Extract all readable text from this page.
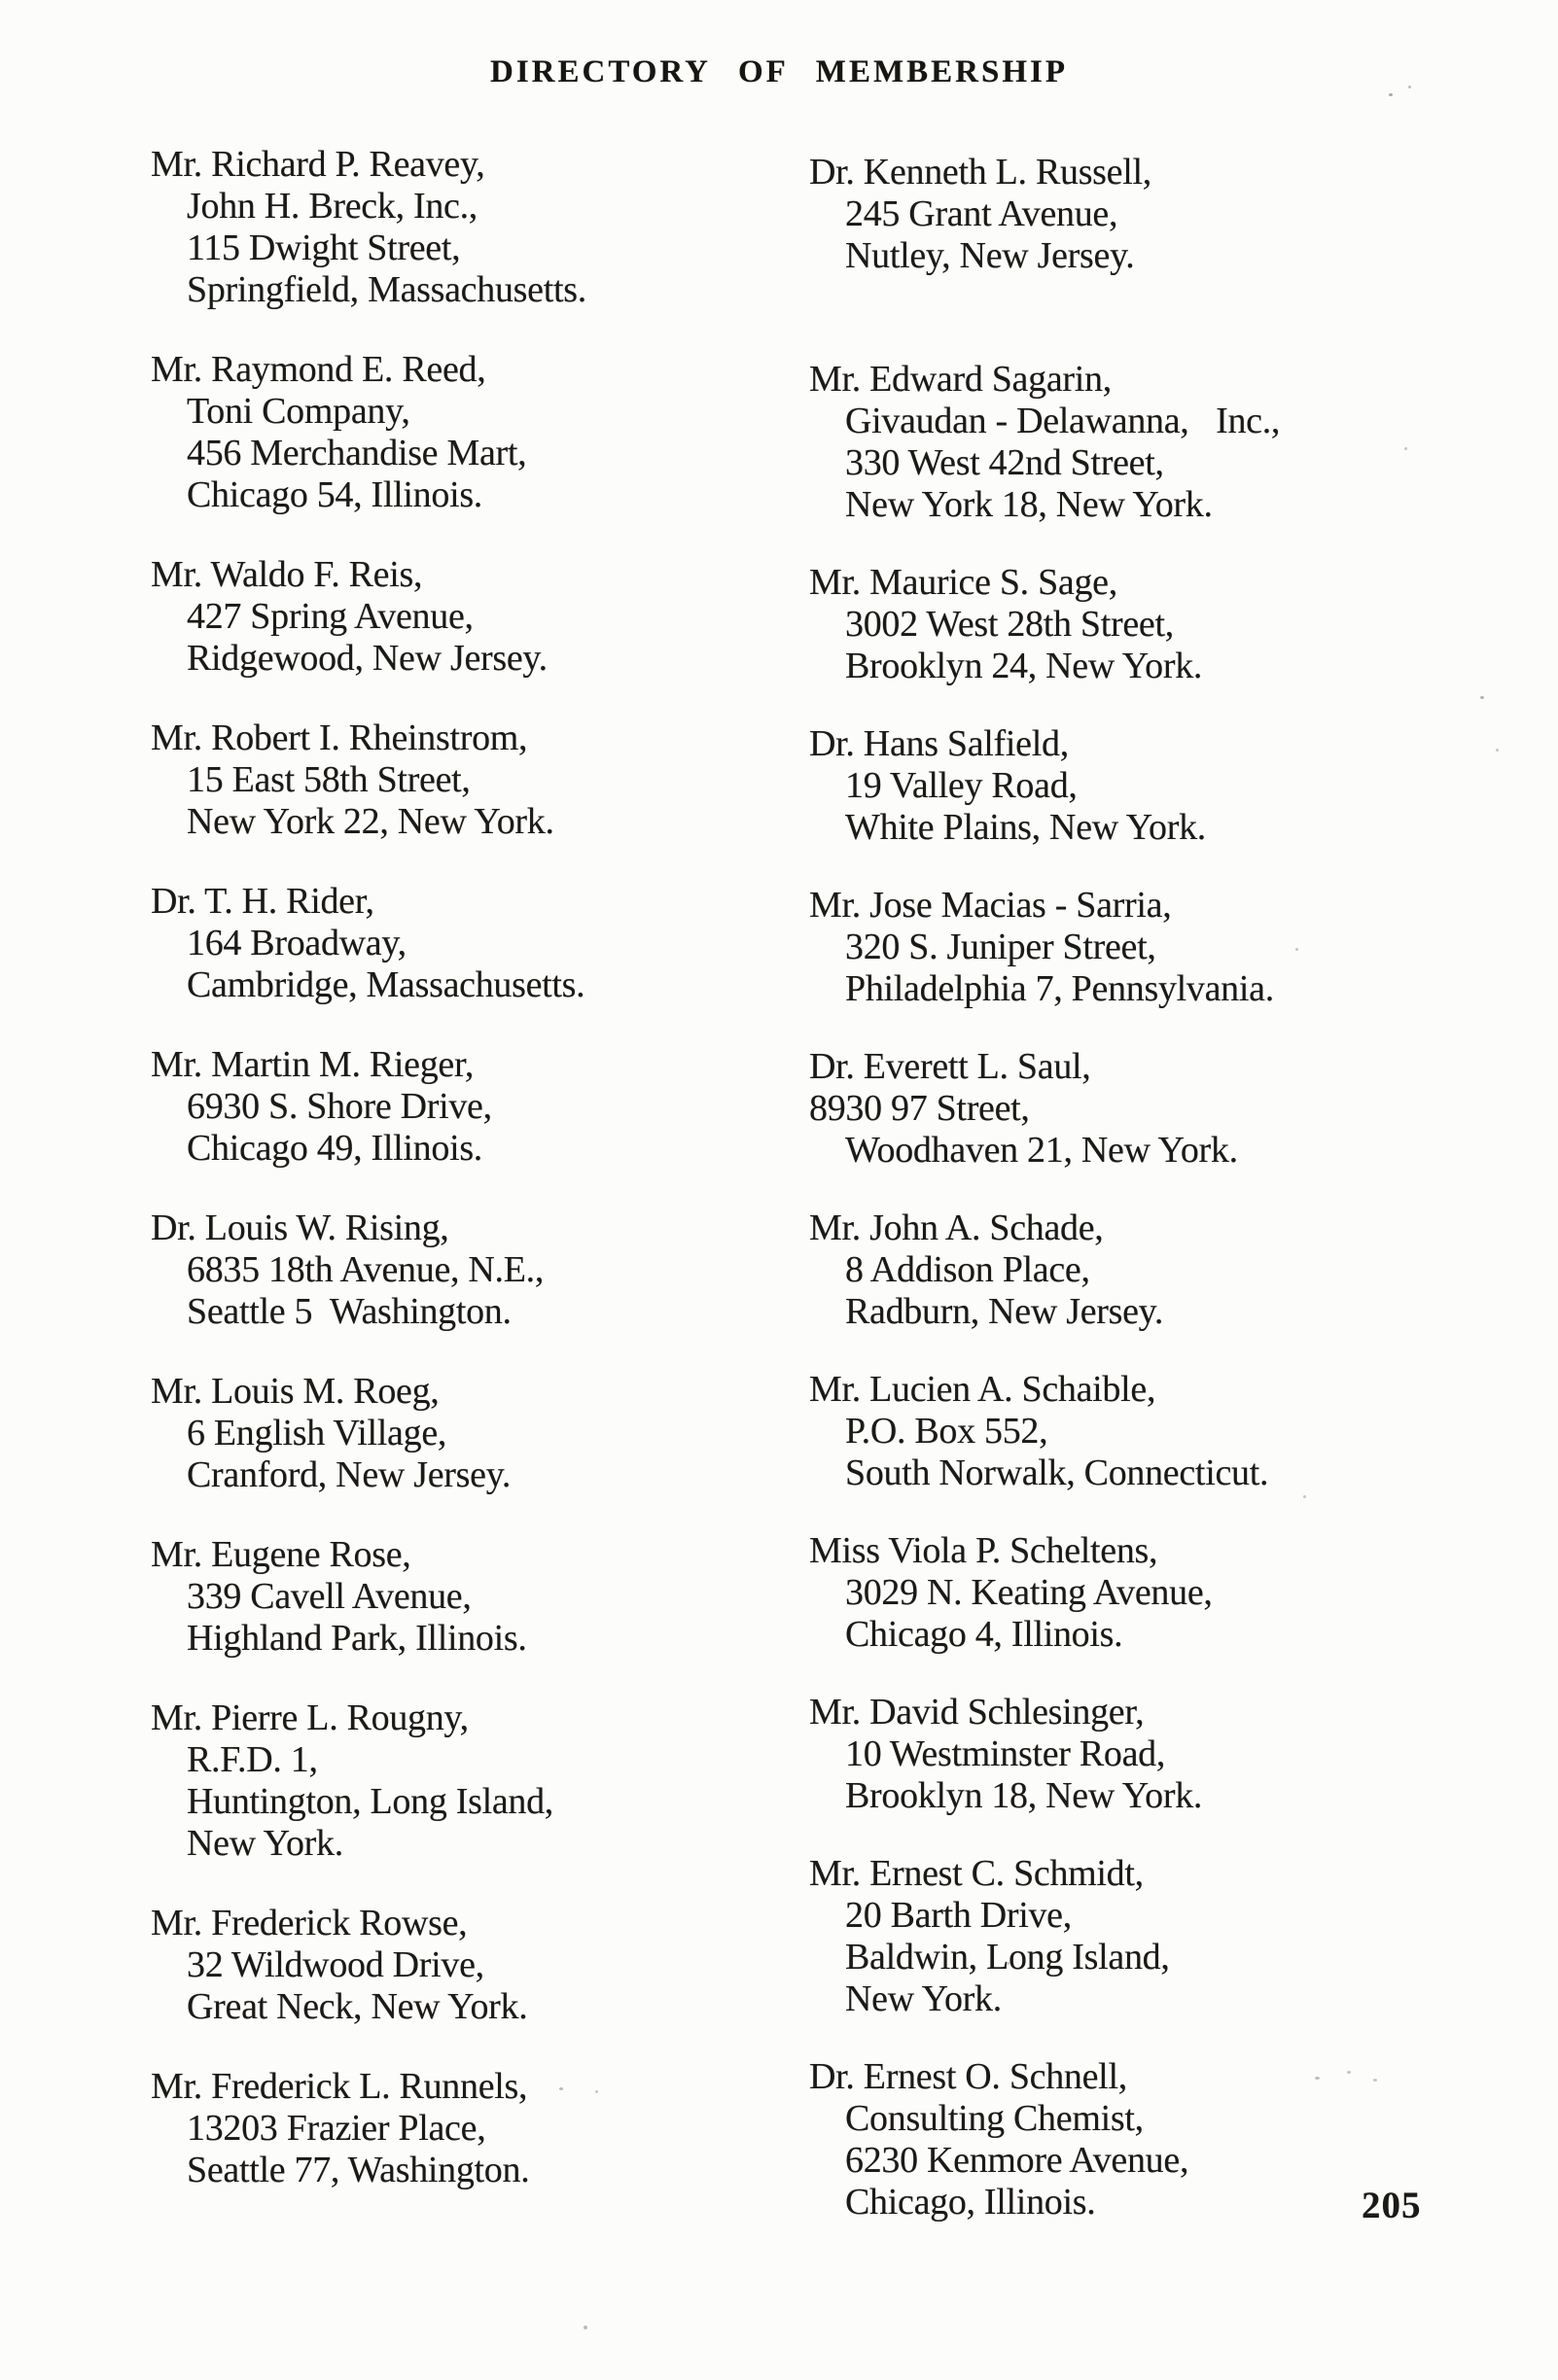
DIRECTORY OF MEMBERSHIP
Mr. Richard P. Reavey,
John H. Breck, Inc.,
115 Dwight Street,
Springfield, Massachusetts.
Mr. Raymond E. Reed,
Toni Company,
456 Merchandise Mart,
Chicago 54, Illinois.
Mr. Waldo F. Reis,
427 Spring Avenue,
Ridgewood, New Jersey.
Mr. Robert I. Rheinstrom,
15 East 58th Street,
New York 22, New York.
Dr. T. H. Rider,
164 Broadway,
Cambridge, Massachusetts.
Mr. Martin M. Rieger,
6930 S. Shore Drive,
Chicago 49, Illinois.
Dr. Louis W. Rising,
6835 18th Avenue, N.E.,
Seattle 5  Washington.
Mr. Louis M. Roeg,
6 English Village,
Cranford, New Jersey.
Mr. Eugene Rose,
339 Cavell Avenue,
Highland Park, Illinois.
Mr. Pierre L. Rougny,
R.F.D. 1,
Huntington, Long Island,
New York.
Mr. Frederick Rowse,
32 Wildwood Drive,
Great Neck, New York.
Mr. Frederick L. Runnels,
13203 Frazier Place,
Seattle 77, Washington.
Dr. Kenneth L. Russell,
245 Grant Avenue,
Nutley, New Jersey.
Mr. Edward Sagarin,
Givaudan - Delawanna,   Inc.,
330 West 42nd Street,
New York 18, New York.
Mr. Maurice S. Sage,
3002 West 28th Street,
Brooklyn 24, New York.
Dr. Hans Salfield,
19 Valley Road,
White Plains, New York.
Mr. Jose Macias - Sarria,
320 S. Juniper Street,
Philadelphia 7, Pennsylvania.
Dr. Everett L. Saul,
8930 97 Street,
Woodhaven 21, New York.
Mr. John A. Schade,
8 Addison Place,
Radburn, New Jersey.
Mr. Lucien A. Schaible,
P.O. Box 552,
South Norwalk, Connecticut.
Miss Viola P. Scheltens,
3029 N. Keating Avenue,
Chicago 4, Illinois.
Mr. David Schlesinger,
10 Westminster Road,
Brooklyn 18, New York.
Mr. Ernest C. Schmidt,
20 Barth Drive,
Baldwin, Long Island,
New York.
Dr. Ernest O. Schnell,
Consulting Chemist,
6230 Kenmore Avenue,
Chicago, Illinois.	205
